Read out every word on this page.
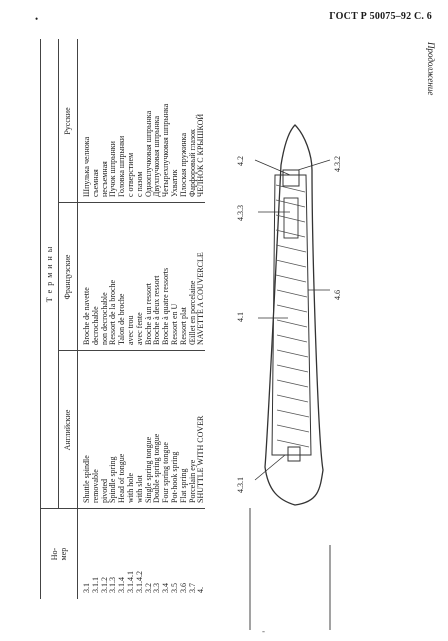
ГОСТ Р 50075–92 С. 6
•
Продолжение
Но-
мер
Т е р м и н ы
Английские
Французские
Русские
3.1
Shuttle spindle
Broche de navette
Шпулька челнока
3.1.1
removable
decrochable
съемная
3.1.2
pivoted
non decrochable
несъемная
3.1.3
Spindle spring
Ressort de la broche
Пучок шпрынки
3.1.4
Head of tongue
Talon de broche
Головка шпрынки
3.1.4.1
with hole
avec trou
с отверстием
3.1.4.2
with slot
avec fente
с пазом
3.2
Single spring tongue
Broche à un ressort
Одноплучковая шпрынка
3.3
Double spring tongue
Broche à deux ressort
Двухпучковая шпрынка
3.4
Four spring tongue
Broche à quatre ressorts
Четырехпучковая шпрынка
3.5
Pot-hook spring
Ressort en U
Ухватик
3.6
Flat spring
Ressort plat
Плоская пружинка
3.7
Porcelain eye
Œillet en porcelaine
Фарфоровый глазок
4.
SHUTTLE WITH COVER
NAVETTE A COUVERCLE
ЧЕЛНОК С КРЫШКОЙ
4.3.1
4.1
4.3.3
4.2
4.6
4.3.2
-
